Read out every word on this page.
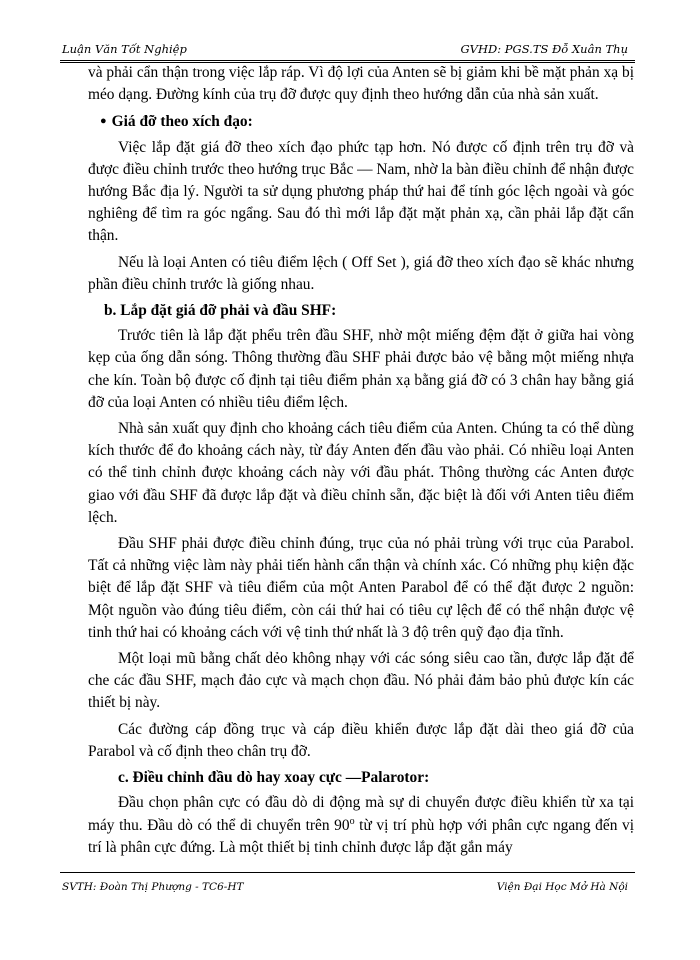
Luận Văn Tốt Nghiệp	GVHD: PGS.TS Đỗ Xuân Thụ

và phải cẩn thận trong việc lắp ráp. Vì độ lợi của Anten sẽ bị giảm khi bề mặt phản xạ bị méo dạng. Đường kính của trụ đỡ được quy định theo hướng dẫn của nhà sản xuất.

● Giá đỡ theo xích đạo:

Việc lắp đặt giá đỡ theo xích đạo phức tạp hơn. Nó được cố định trên trụ đỡ và được điều chỉnh trước theo hướng trục Bắc — Nam, nhờ la bàn điều chỉnh để nhận được hướng Bắc địa lý. Người ta sử dụng phương pháp thứ hai để tính góc lệch ngoài và góc nghiêng để tìm ra góc ngẩng. Sau đó thì mới lắp đặt mặt phản xạ, cần phải lắp đặt cẩn thận.

Nếu là loại Anten có tiêu điểm lệch ( Off Set ), giá đỡ theo xích đạo sẽ khác nhưng phần điều chỉnh trước là giống nhau.

b. Lắp đặt giá đỡ phải và đầu SHF:

Trước tiên là lắp đặt phểu trên đầu SHF, nhờ một miếng đệm đặt ở giữa hai vòng kẹp của ống dẫn sóng. Thông thường đầu SHF phải được bảo vệ bằng một miếng nhựa che kín. Toàn bộ được cố định tại tiêu điểm phản xạ bằng giá đỡ có 3 chân hay bằng giá đỡ của loại Anten có nhiều tiêu điểm lệch.

Nhà sản xuất quy định cho khoảng cách tiêu điểm của Anten. Chúng ta có thể dùng kích thước để đo khoảng cách này, từ đáy Anten đến đầu vào phải. Có nhiều loại Anten có thể tinh chỉnh được khoảng cách này với đầu phát. Thông thường các Anten được giao với đầu SHF đã được lắp đặt và điều chỉnh sẵn, đặc biệt là đối với Anten tiêu điểm lệch.

Đầu SHF phải được điều chỉnh đúng, trục của nó phải trùng với trục của Parabol. Tất cả những việc làm này phải tiến hành cẩn thận và chính xác. Có những phụ kiện đặc biệt để lắp đặt SHF và tiêu điểm của một Anten Parabol để có thể đặt được 2 nguồn: Một nguồn vào đúng tiêu điểm, còn cái thứ hai có tiêu cự lệch để có thể nhận được vệ tinh thứ hai có khoảng cách với vệ tinh thứ nhất là 3 độ trên quỹ đạo địa tĩnh.

Một loại mũ bằng chất dẻo không nhạy với các sóng siêu cao tần, được lắp đặt để che các đầu SHF, mạch đảo cực và mạch chọn đầu. Nó phải đảm bảo phủ được kín các thiết bị này.

Các đường cáp đồng trục và cáp điều khiển được lắp đặt dài theo giá đỡ của Parabol và cố định theo chân trụ đỡ.

c. Điều chỉnh đầu dò hay xoay cực —Palarotor:

Đầu chọn phân cực có đầu dò di động mà sự di chuyển được điều khiển từ xa tại máy thu. Đầu dò có thể di chuyển trên 90$^o$ từ vị trí phù hợp với phân cực ngang đến vị trí là phân cực đứng. Là một thiết bị tinh chỉnh được lắp đặt gắn máy

SVTH: Đoàn Thị Phượng - TC6-HT	Viện Đại Học Mở Hà Nội
